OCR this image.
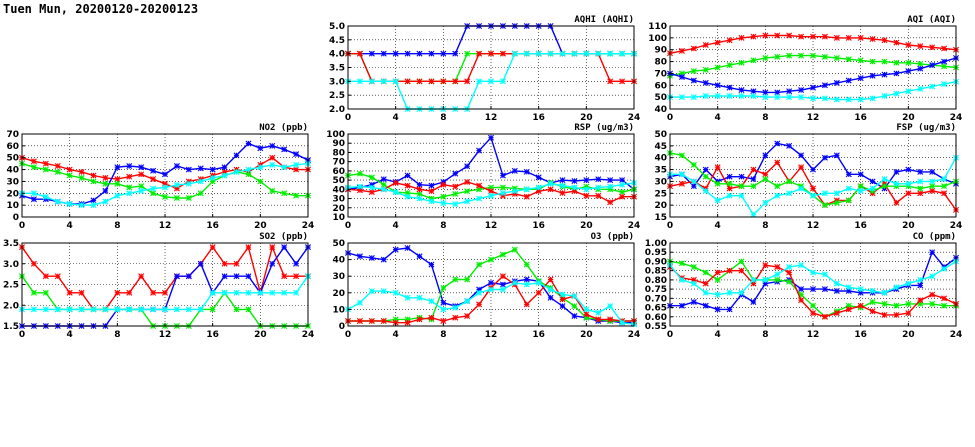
Tuen Mun, 20200120-20200123
AQHI (AQHI)
0	4	8	12	16	20	24
2.0
2.5
3.0
3.5
4.0
4.5
5.0
AQI (AQI)
0	4	8	12	16	20	24
40
50
60
70
80
90
100
110
NO2 (ppb)
0	4	8	12	16	20	24
0
10
20
30
40
50
60
70
RSP (ug/m3)
0	4	8	12	16	20	24
10
20
30
40
50
60
70
80
90
100
FSP (ug/m3)
0	4	8	12	16	20	24
15
20
25
30
35
40
45
50
SO2 (ppb)
0	4	8	12	16	20	24
1.5
2.0
2.5
3.0
3.5
O3 (ppb)
0	4	8	12	16	20	24
0
10
20
30
40
50
CO (ppm)
0	4	8	12	16	20	24
0.55
0.60
0.65
0.70
0.75
0.80
0.85
0.90
0.95
1.00
